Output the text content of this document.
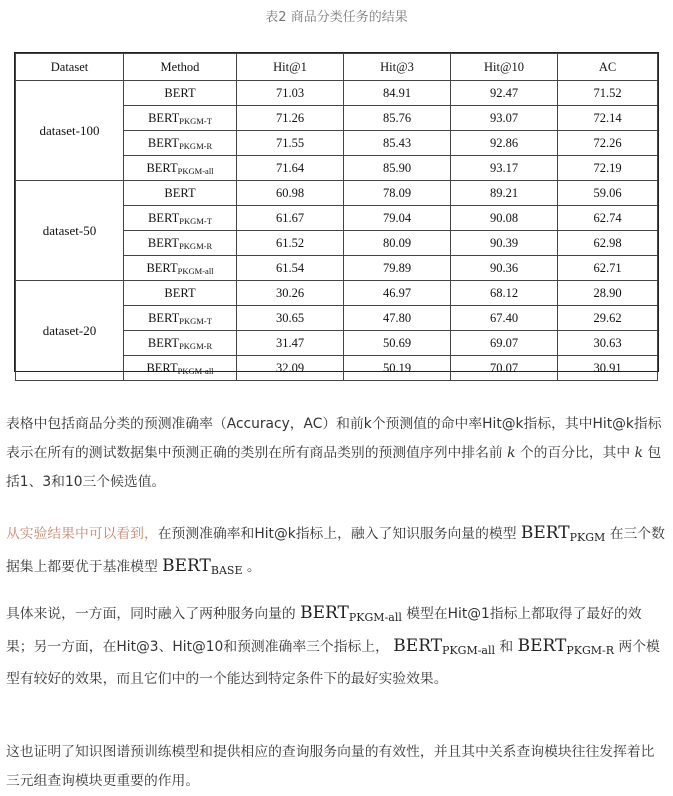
表2 商品分类任务的结果
Dataset	Method	Hit@1	Hit@3	Hit@10	AC
dataset-100	BERT	71.03	84.91	92.47	71.52
	$BERT_{PKGM-T}$	71.26	85.76	93.07	72.14
	$BERT_{PKGM-R}$	71.55	85.43	92.86	72.26
	$BERT_{PKGM-all}$	71.64	85.90	93.17	72.19
dataset-50	BERT	60.98	78.09	89.21	59.06
	$BERT_{PKGM-T}$	61.67	79.04	90.08	62.74
	$BERT_{PKGM-R}$	61.52	80.09	90.39	62.98
	$BERT_{PKGM-all}$	61.54	79.89	90.36	62.71
dataset-20	BERT	30.26	46.97	68.12	28.90
	$BERT_{PKGM-T}$	30.65	47.80	67.40	29.62
	$BERT_{PKGM-R}$	31.47	50.69	69.07	30.63
	$BERT_{PKGM-all}$	32.09	50.19	70.07	30.91
表格中包括商品分类的预测准确率（Accuracy，AC）和前k个预测值的命中率Hit@k指标，其中Hit@k指标表示在所有的测试数据集中预测正确的类别在所有商品类别的预测值序列中排名前 k 个的百分比，其中 k 包括1、3和10三个候选值。
从实验结果中可以看到，在预测准确率和Hit@k指标上，融入了知识服务向量的模型 $BERT_{PKGM}$ 在三个数据集上都要优于基准模型 $BERT_{BASE}$ 。
具体来说，一方面，同时融入了两种服务向量的 $BERT_{PKGM-all}$ 模型在Hit@1指标上都取得了最好的效果；另一方面，在Hit@3、Hit@10和预测准确率三个指标上， $BERT_{PKGM-all}$ 和 $BERT_{PKGM-R}$ 两个模型有较好的效果，而且它们中的一个能达到特定条件下的最好实验效果。
这也证明了知识图谱预训练模型和提供相应的查询服务向量的有效性，并且其中关系查询模块往往发挥着比三元组查询模块更重要的作用。
